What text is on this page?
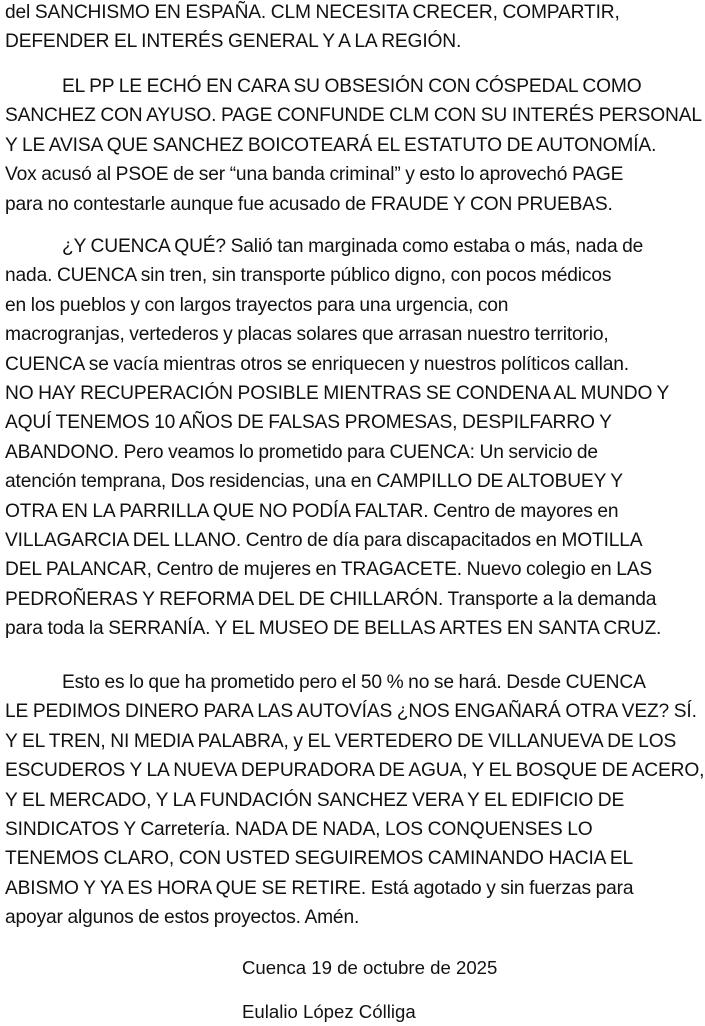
del SANCHISMO EN ESPAÑA. CLM NECESITA CRECER, COMPARTIR,
DEFENDER EL INTERÉS GENERAL Y A LA REGIÓN.

EL PP LE ECHÓ EN CARA SU OBSESIÓN CON CÓSPEDAL COMO
SANCHEZ CON AYUSO. PAGE CONFUNDE CLM CON SU INTERÉS PERSONAL
Y LE AVISA QUE SANCHEZ BOICOTEARÁ EL ESTATUTO DE AUTONOMÍA.
Vox acusó al PSOE de ser “una banda criminal” y esto lo aprovechó PAGE
para no contestarle aunque fue acusado de FRAUDE Y CON PRUEBAS.

¿Y CUENCA QUÉ? Salió tan marginada como estaba o más, nada de
nada. CUENCA sin tren, sin transporte público digno, con pocos médicos
en los pueblos y con largos trayectos para una urgencia, con
macrogranjas, vertederos y placas solares que arrasan nuestro territorio,
CUENCA se vacía mientras otros se enriquecen y nuestros políticos callan.
NO HAY RECUPERACIÓN POSIBLE MIENTRAS SE CONDENA AL MUNDO Y
AQUÍ TENEMOS 10 AÑOS DE FALSAS PROMESAS, DESPILFARRO Y
ABANDONO. Pero veamos lo prometido para CUENCA: Un servicio de
atención temprana, Dos residencias, una en CAMPILLO DE ALTOBUEY Y
OTRA EN LA PARRILLA QUE NO PODÍA FALTAR. Centro de mayores en
VILLAGARCIA DEL LLANO. Centro de día para discapacitados en MOTILLA
DEL PALANCAR, Centro de mujeres en TRAGACETE. Nuevo colegio en LAS
PEDROÑERAS Y REFORMA DEL DE CHILLARÓN. Transporte a la demanda
para toda la SERRANÍA. Y EL MUSEO DE BELLAS ARTES EN SANTA CRUZ.

Esto es lo que ha prometido pero el 50 % no se hará. Desde CUENCA
LE PEDIMOS DINERO PARA LAS AUTOVÍAS ¿NOS ENGAÑARÁ OTRA VEZ? SÍ.
Y EL TREN, NI MEDIA PALABRA, y EL VERTEDERO DE VILLANUEVA DE LOS
ESCUDEROS Y LA NUEVA DEPURADORA DE AGUA, Y EL BOSQUE DE ACERO,
Y EL MERCADO, Y LA FUNDACIÓN SANCHEZ VERA Y EL EDIFICIO DE
SINDICATOS Y Carretería. NADA DE NADA, LOS CONQUENSES LO
TENEMOS CLARO, CON USTED SEGUIREMOS CAMINANDO HACIA EL
ABISMO Y YA ES HORA QUE SE RETIRE. Está agotado y sin fuerzas para
apoyar algunos de estos proyectos. Amén.

Cuenca 19 de octubre de 2025

Eulalio López Cólliga
